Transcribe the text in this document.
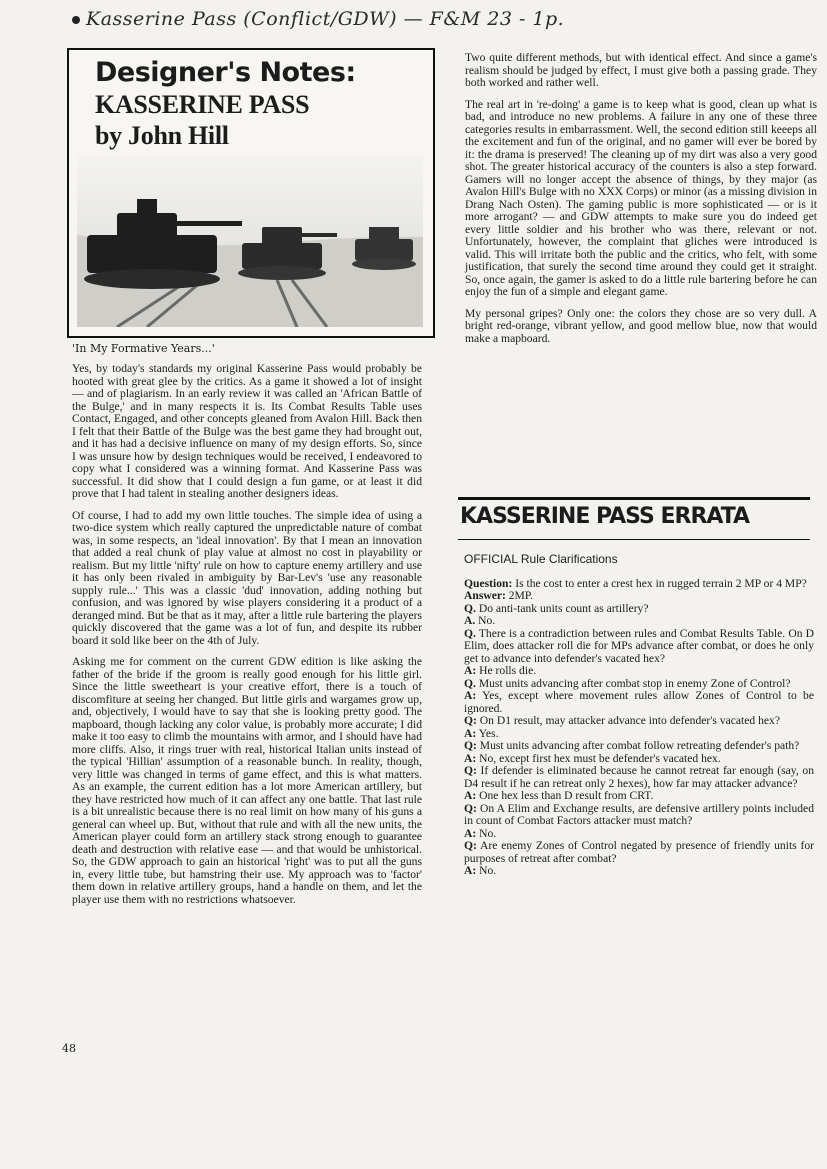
Kasserine Pass (Conflict/GDW) — F&M 23 - 1p.
Designer's Notes:
KASSERINE PASS
by John Hill
'In My Formative Years...'

Yes, by today's standards my original Kasserine Pass would probably be hooted with great glee by the critics. As a game it showed a lot of insight — and of plagiarism. In an early review it was called an 'African Battle of the Bulge,' and in many respects it is. Its Combat Results Table uses Contact, Engaged, and other concepts gleaned from Avalon Hill. Back then I felt that their Battle of the Bulge was the best game they had brought out, and it has had a decisive influence on many of my design efforts. So, since I was unsure how by design techniques would be received, I endeavored to copy what I considered was a winning format. And Kasserine Pass was successful. It did show that I could design a fun game, or at least it did prove that I had talent in stealing another designers ideas.

Of course, I had to add my own little touches. The simple idea of using a two-dice system which really captured the unpredictable nature of combat was, in some respects, an 'ideal innovation'. By that I mean an innovation that added a real chunk of play value at almost no cost in playability or realism. But my little 'nifty' rule on how to capture enemy artillery and use it has only been rivaled in ambiguity by Bar-Lev's 'use any reasonable supply rule...' This was a classic 'dud' innovation, adding nothing but confusion, and was ignored by wise players considering it a product of a deranged mind. But be that as it may, after a little rule bartering the players quickly discovered that the game was a lot of fun, and despite its rubber board it sold like beer on the 4th of July.

Asking me for comment on the current GDW edition is like asking the father of the bride if the groom is really good enough for his little girl. Since the little sweetheart is your creative effort, there is a touch of discomfiture at seeing her changed. But little girls and wargames grow up, and, objectively, I would have to say that she is looking pretty good. The mapboard, though lacking any color value, is probably more accurate; I did make it too easy to climb the mountains with armor, and I should have had more cliffs. Also, it rings truer with real, historical Italian units instead of the typical 'Hillian' assumption of a reasonable bunch. In reality, though, very little was changed in terms of game effect, and this is what matters. As an example, the current edition has a lot more American artillery, but they have restricted how much of it can affect any one battle. That last rule is a bit unrealistic because there is no real limit on how many of his guns a general can wheel up. But, without that rule and with all the new units, the American player could form an artillery stack strong enough to guarantee death and destruction with relative ease — and that would be unhistorical. So, the GDW approach to gain an historical 'right' was to put all the guns in, every little tube, but hamstring their use. My approach was to 'factor' them down in relative artillery groups, hand a handle on them, and let the player use them with no restrictions whatsoever.

Two quite different methods, but with identical effect. And since a game's realism should be judged by effect, I must give both a passing grade. They both worked and rather well.

The real art in 're-doing' a game is to keep what is good, clean up what is bad, and introduce no new problems. A failure in any one of these three categories results in embarrassment. Well, the second edition still keeeps all the excitement and fun of the original, and no gamer will ever be bored by it: the drama is preserved! The cleaning up of my dirt was also a very good shot. The greater historical accuracy of the counters is also a step forward. Gamers will no longer accept the absence of things, by they major (as Avalon Hill's Bulge with no XXX Corps) or minor (as a missing division in Drang Nach Osten). The gaming public is more sophisticated — or is it more arrogant? — and GDW attempts to make sure you do indeed get every little soldier and his brother who was there, relevant or not. Unfortunately, however, the complaint that gliches were introduced is valid. This will irritate both the public and the critics, who felt, with some justification, that surely the second time around they could get it straight. So, once again, the gamer is asked to do a little rule bartering before he can enjoy the fun of a simple and elegant game.

My personal gripes? Only one: the colors they chose are so very dull. A bright red-orange, vibrant yellow, and good mellow blue, now that would make a mapboard.

KASSERINE PASS ERRATA

OFFICIAL Rule Clarifications

Question: Is the cost to enter a crest hex in rugged terrain 2 MP or 4 MP?

Answer: 2MP.

Q. Do anti-tank units count as artillery?

A. No.

Q. There is a contradiction between rules and Combat Results Table. On D Elim, does attacker roll die for MPs advance after combat, or does he only get to advance into defender's vacated hex?

A: He rolls die.

Q. Must units advancing after combat stop in enemy Zone of Control?

A: Yes, except where movement rules allow Zones of Control to be ignored.

Q: On D1 result, may attacker advance into defender's vacated hex?

A: Yes.

Q: Must units advancing after combat follow retreating defender's path?

A: No, except first hex must be defender's vacated hex.

Q: If defender is eliminated because he cannot retreat far enough (say, on D4 result if he can retreat only 2 hexes), how far may attacker advance?

A: One hex less than D result from CRT.

Q: On A Elim and Exchange results, are defensive artillery points included in count of Combat Factors attacker must match?

A: No.

Q: Are enemy Zones of Control negated by presence of friendly units for purposes of retreat after combat?

A: No.

48
